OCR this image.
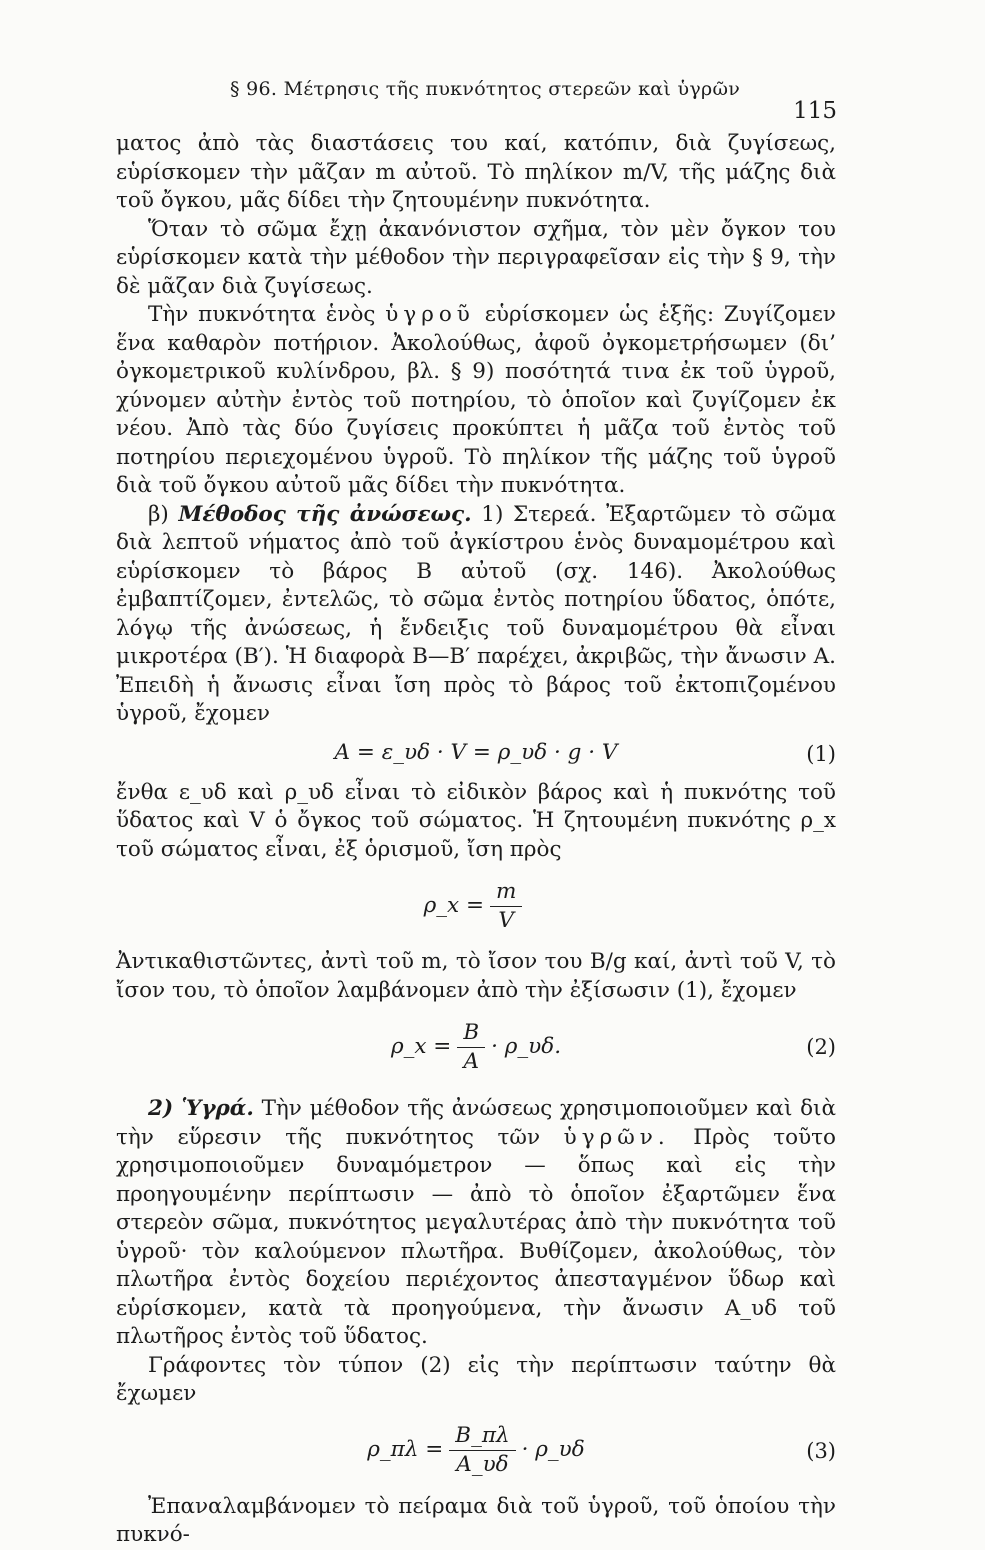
§ 96. Μέτρησις τῆς πυκνότητος στερεῶν καὶ ὑγρῶν
115

ματος ἀπὸ τὰς διαστάσεις του καί, κατόπιν, διὰ ζυγίσεως, εὑρίσκομεν τὴν μᾶζαν m αὐτοῦ. Τὸ πηλίκον m/V, τῆς μάζης διὰ τοῦ ὄγκου, μᾶς δίδει τὴν ζητουμένην πυκνότητα.

Ὅταν τὸ σῶμα ἔχῃ ἀκανόνιστον σχῆμα, τὸν μὲν ὄγκον του εὑρίσκομεν κατὰ τὴν μέθοδον τὴν περιγραφεῖσαν εἰς τὴν § 9, τὴν δὲ μᾶζαν διὰ ζυγίσεως.

Τὴν πυκνότητα ἑνὸς ὑγροῦ εὑρίσκομεν ὡς ἑξῆς: Ζυγίζομεν ἕνα καθαρὸν ποτήριον. Ἀκολούθως, ἀφοῦ ὀγκομετρήσωμεν (δι’ ὀγκομετρικοῦ κυλίνδρου, βλ. § 9) ποσότητά τινα ἐκ τοῦ ὑγροῦ, χύνομεν αὐτὴν ἐντὸς τοῦ ποτηρίου, τὸ ὁποῖον καὶ ζυγίζομεν ἐκ νέου. Ἀπὸ τὰς δύο ζυγίσεις προκύπτει ἡ μᾶζα τοῦ ἐντὸς τοῦ ποτηρίου περιεχομένου ὑγροῦ. Τὸ πηλίκον τῆς μάζης τοῦ ὑγροῦ διὰ τοῦ ὄγκου αὐτοῦ μᾶς δίδει τὴν πυκνότητα.

β) Μέθοδος τῆς ἀνώσεως. 1) Στερεά. Ἐξαρτῶμεν τὸ σῶμα διὰ λεπτοῦ νήματος ἀπὸ τοῦ ἀγκίστρου ἑνὸς δυναμομέτρου καὶ εὑρίσκομεν τὸ βάρος B αὐτοῦ (σχ. 146). Ἀκολούθως ἐμβαπτίζομεν, ἐντελῶς, τὸ σῶμα ἐντὸς ποτηρίου ὕδατος, ὁπότε, λόγῳ τῆς ἀνώσεως, ἡ ἔνδειξις τοῦ δυναμομέτρου θὰ εἶναι μικροτέρα (B′). Ἡ διαφορὰ B—B′ παρέχει, ἀκριβῶς, τὴν ἄνωσιν A. Ἐπειδὴ ἡ ἄνωσις εἶναι ἴση πρὸς τὸ βάρος τοῦ ἐκτοπιζομένου ὑγροῦ, ἔχομεν

A = ε_υδ · V = ρ_υδ · g · V	(1)

ἔνθα ε_υδ καὶ ρ_υδ εἶναι τὸ εἰδικὸν βάρος καὶ ἡ πυκνότης τοῦ ὕδατος καὶ V ὁ ὄγκος τοῦ σώματος. Ἡ ζητουμένη πυκνότης ρ_x τοῦ σώματος εἶναι, ἐξ ὁρισμοῦ, ἴση πρὸς

ρ_x = $\frac{m}{V}$

Ἀντικαθιστῶντες, ἀντὶ τοῦ m, τὸ ἴσον του B/g καί, ἀντὶ τοῦ V, τὸ ἴσον του, τὸ ὁποῖον λαμβάνομεν ἀπὸ τὴν ἐξίσωσιν (1), ἔχομεν

ρ_x = $\frac{B}{A}$ · ρ_υδ.	(2)

2) Ὑγρά. Τὴν μέθοδον τῆς ἀνώσεως χρησιμοποιοῦμεν καὶ διὰ τὴν εὕρεσιν τῆς πυκνότητος τῶν ὑγρῶν. Πρὸς τοῦτο χρησιμοποιοῦμεν δυναμόμετρον — ὅπως καὶ εἰς τὴν προηγουμένην περίπτωσιν — ἀπὸ τὸ ὁποῖον ἐξαρτῶμεν ἕνα στερεὸν σῶμα, πυκνότητος μεγαλυτέρας ἀπὸ τὴν πυκνότητα τοῦ ὑγροῦ· τὸν καλούμενον πλωτῆρα. Βυθίζομεν, ἀκολούθως, τὸν πλωτῆρα ἐντὸς δοχείου περιέχοντος ἀπεσταγμένον ὕδωρ καὶ εὑρίσκομεν, κατὰ τὰ προηγούμενα, τὴν ἄνωσιν A_υδ τοῦ πλωτῆρος ἐντὸς τοῦ ὕδατος.

Γράφοντες τὸν τύπον (2) εἰς τὴν περίπτωσιν ταύτην θὰ ἔχωμεν

ρ_πλ = $\frac{B\_\pi\lambda}{A\_\upsilon\delta}$ · ρ_υδ	(3)

Ἐπαναλαμβάνομεν τὸ πείραμα διὰ τοῦ ὑγροῦ, τοῦ ὁποίου τὴν πυκνό-
